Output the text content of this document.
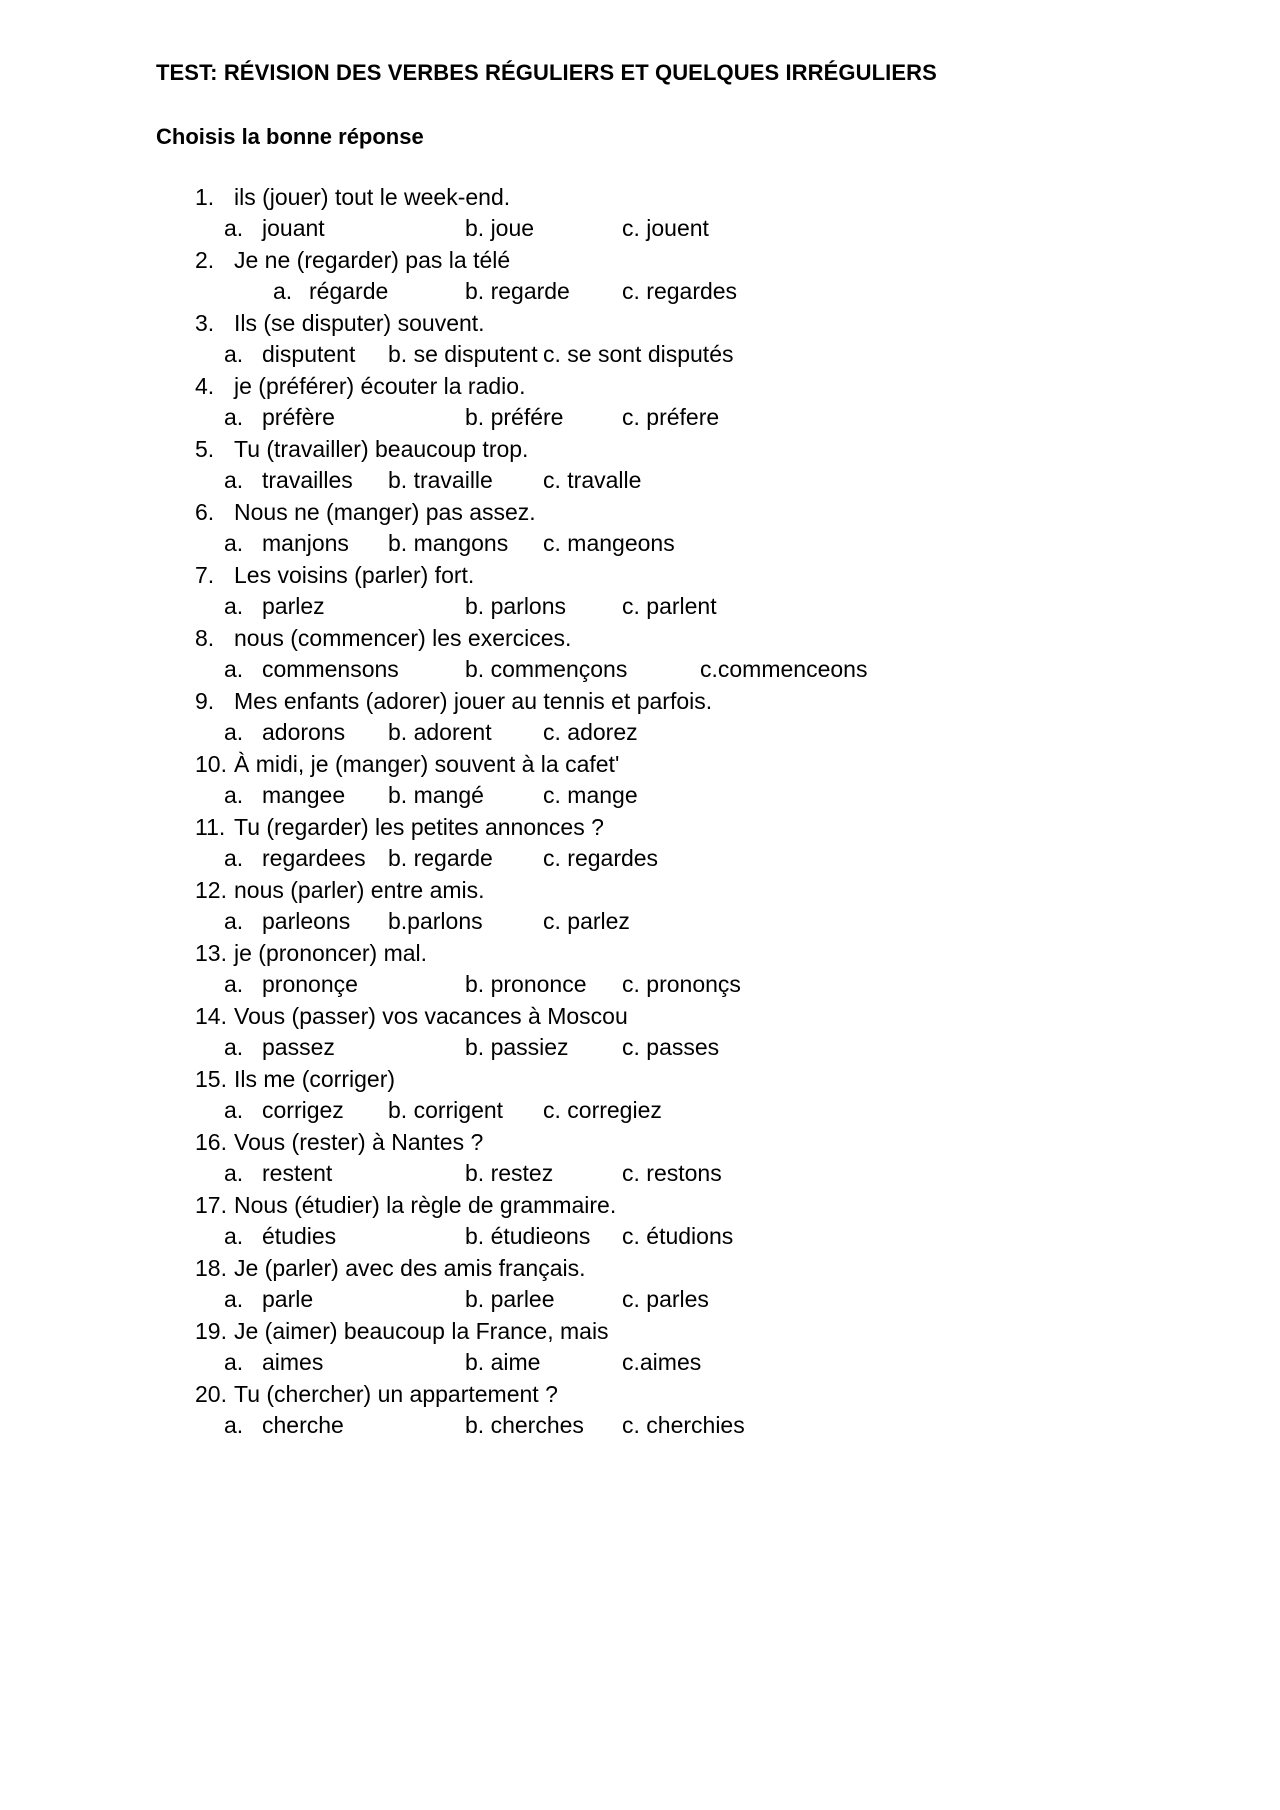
TEST: RÉVISION DES VERBES RÉGULIERS ET QUELQUES IRRÉGULIERS
Choisis la bonne réponse
1. ils (jouer) tout le week-end.
a. jouant	b. joue	c. jouent
2. Je ne (regarder) pas la télé
a. régarde	b. regarde c. regardes
3. Ils (se disputer) souvent.
a. disputent b. se disputent c. se sont disputés
4. je (préférer) écouter la radio.
a. préfère	b. préfére	c. préfere
5. Tu (travailler) beaucoup trop.
a. travailles b. travaille c. travalle
6. Nous ne (manger) pas assez.
a. manjons b. mangons c. mangeons
7. Les voisins (parler) fort.
a. parlez	b. parlons c. parlent
8. nous (commencer) les exercices.
a. commensons	b. commençons	c.commenceons
9. Mes enfants (adorer) jouer au tennis et parfois.
a. adorons b. adorent c. adorez
10. À midi, je (manger) souvent à la cafet'
a. mangee b. mangé	c. mange
11. Tu (regarder) les petites annonces ?
a. regardees b. regarde c. regardes
12. nous (parler) entre amis.
a. parleons b.parlons	c. parlez
13. je (prononcer) mal.
a. prononçe	b. prononce c. prononçs
14. Vous (passer) vos vacances à Moscou
a. passez	b. passiez c. passes
15. Ils me (corriger)
a. corrigez b. corrigent c. corregiez
16. Vous (rester) à Nantes ?
a. restent	b. restez	c. restons
17. Nous (étudier) la règle de grammaire.
a. étudies	b. étudieons c. étudions
18. Je (parler) avec des amis français.
a. parle	b. parlee	c. parles
19. Je (aimer) beaucoup la France, mais
a. aimes	b. aime	c.aimes
20. Tu (chercher) un appartement ?
a. cherche	b. cherches c. cherchies
